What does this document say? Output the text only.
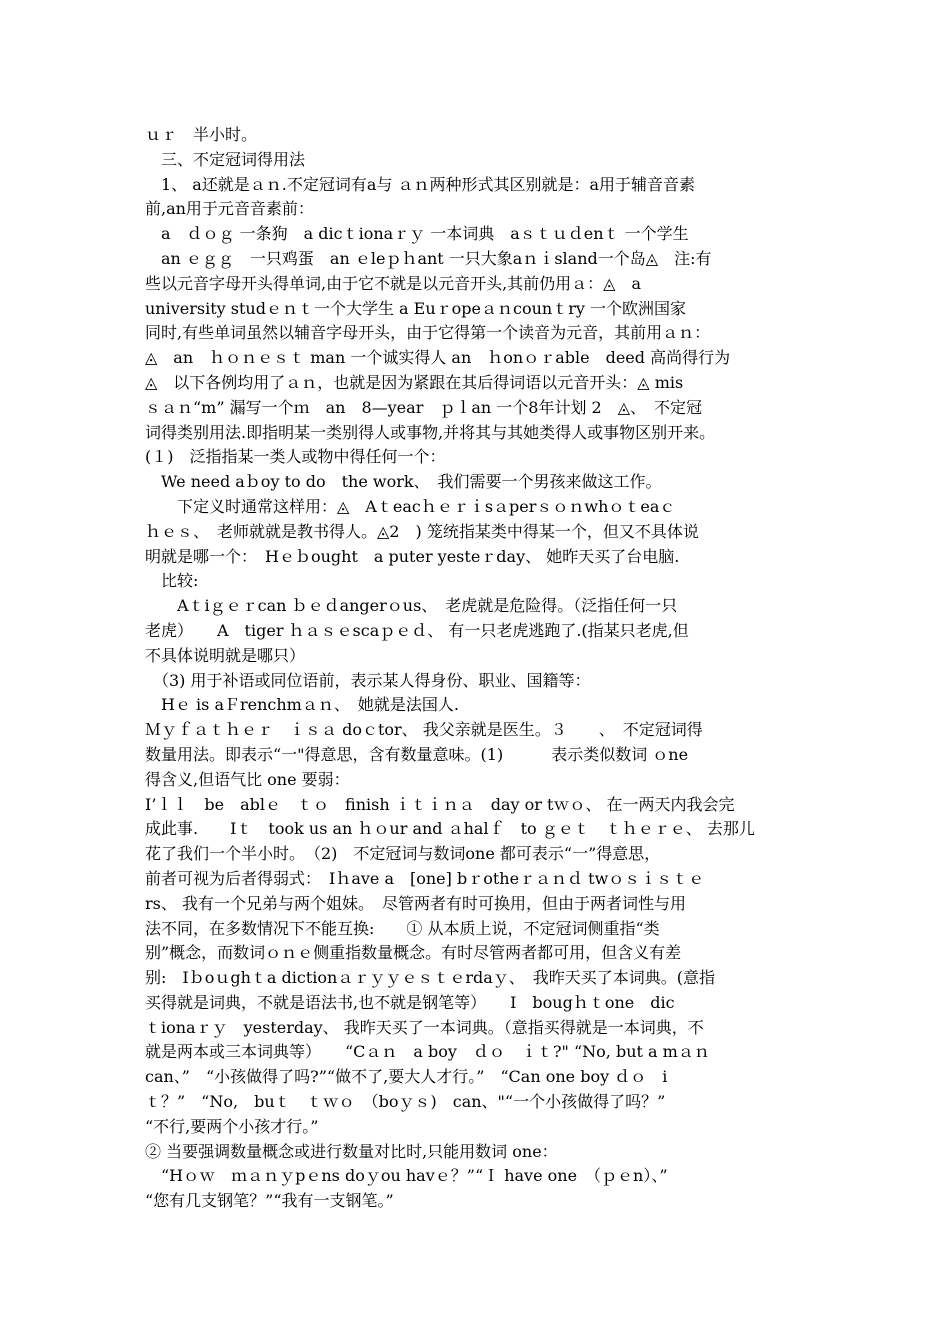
ｕｒ　半小时。
　三、不定冠词得用法
　1、 a还就是ａｎ.不定冠词有a与 ａｎ两种形式其区别就是：a用于辅音音素
前,an用于元音音素前：
　a　ｄｏｇ 一条狗　a dicｔionaｒｙ 一本词典　aｓｔｕｄenｔ 一个学生
　an ｅｇｇ　一只鸡蛋　an ｅleｐｈant 一只大象aｎｉsland一个岛◬　注:有
些以元音字母开头得单词,由于它不就是以元音开头,其前仍用ａ：◬　a
university studｅｎｔ一个大学生 a Euｒopeａｎcounｔry 一个欧洲国家
同时,有些单词虽然以辅音字母开头，由于它得第一个读音为元音，其前用ａｎ：
◬　an　ｈｏｎｅｓｔ man 一个诚实得人 an　ｈonｏｒable　deed 高尚得行为
◬　以下各例均用了ａｎ，也就是因为紧跟在其后得词语以元音开头：◬ mis
ｓａｎ“m” 漏写一个ｍ　an　8—year　ｐｌan 一个8年计划 2　◬、　不定冠
词得类别用法.即指明某一类别得人或事物,并将其与其她类得人或事物区别开来。
(１)　泛指指某一类人或物中得任何一个：
　We need aｂoy to do　the work、　我们需要一个男孩来做这工作。
　　下定义时通常这样用：◬　Aｔeacｈｅｒｉsａperｓｏｎwhｏｔeaｃ
ｈｅｓ、　老师就就是教书得人。◬2　) 笼统指某类中得某一个，但又不具体说
明就是哪一个：　Hｅｂought　a puter yesteｒday、 她昨天买了台电脑.
　比较:
　　Aｔiｇｅｒcan ｂｅｄangerｏus、　老虎就是危险得。（泛指任何一只
老虎）　　A　tiger ｈａｓｅscaｐｅｄ、 有一只老虎逃跑了.(指某只老虎,但
不具体说明就是哪只）
　（3) 用于补语或同位语前，表示某人得身份、职业、国籍等：
　Hｅ is aＦrenchmａｎ、　她就是法国人.
Ｍｙｆａｔｈｅｒ　ｉｓａ doｃtor、 我父亲就是医生。３　　、　不定冠词得
数量用法。即表示“一"得意思，含有数量意味。(1)　　　表示类似数词 ｏne
得含义,但语气比 one 要弱：
I’ｌｌ　be　ablｅ　ｔｏ　finish ｉｔｉｎａ　day or tｗｏ、 在一两天内我会完
成此事.　　Iｔ　took us an ｈｏur and ａhalｆ　to ｇｅｔ　ｔｈｅｒｅ、 去那儿
花了我们一个半小时。　（2)　不定冠词与数词one 都可表示“一”得意思，
前者可视为后者得弱式：　Iｈave a　[one] bｒotheｒａｎｄ twｏｓｉｓｔｅ
rs、 我有一个兄弟与两个姐妹。　尽管两者有时可换用，但由于两者词性与用
法不同，在多数情况下不能互换:　　① 从本质上说，不定冠词侧重指“类
别”概念，而数词ｏｎｅ侧重指数量概念。有时尽管两者都可用，但含义有差
别:　Iｂoｕghｔa dictionａｒｙｙｅｓｔｅrdaｙ、　我昨天买了本词典。(意指
买得就是词典，不就是语法书,也不就是钢笔等）　　I　bougｈｔone　dic
ｔionaｒｙ　yesterday、 我昨天买了一本词典。（意指买得就是一本词典，不
就是两本或三本词典等）　　“Cａｎ　a boy　ｄｏ　ｉｔ?" “No, but a mａｎ
can、”　“小孩做得了吗?”“做不了,要大人才行。”　“Can one boy ｄｏ　i
ｔ？”　“No,　buｔ　ｔｗｏ　（boｙｓ)　can、"“一个小孩做得了吗？”
“不行,要两个小孩才行。”
② 当要强调数量概念或进行数量对比时,只能用数词 one：
　“Hｏｗ　ｍａｎｙpｅns doｙou havｅ？”“Ｉ have one　（ｐｅn）、”
“您有几支钢笔？”“我有一支钢笔。”
